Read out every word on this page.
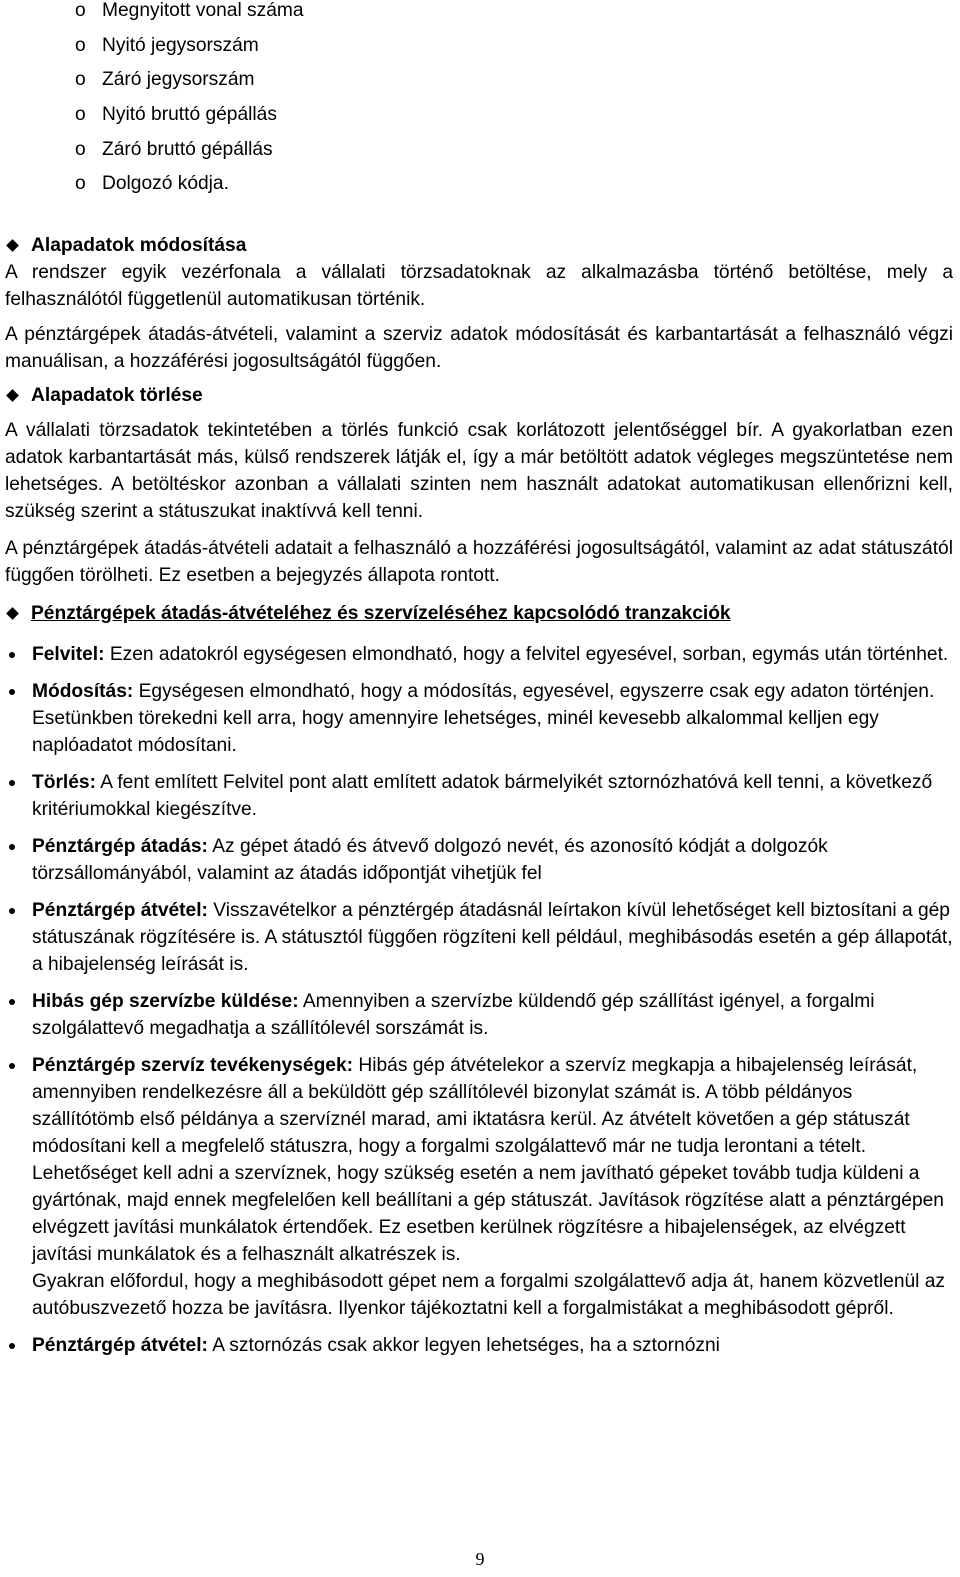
o Megnyitott vonal száma
o Nyitó jegysorszám
o Záró jegysorszám
o Nyitó bruttó gépállás
o Záró bruttó gépállás
o Dolgozó kódja.
Alapadatok módosítása

A rendszer egyik vezérfonala a vállalati törzsadatoknak az alkalmazásba történő betöltése, mely a felhasználótól függetlenül automatikusan történik.

A pénztárgépek átadás-átvételi, valamint a szerviz adatok módosítását és karbantartását a felhasználó végzi manuálisan, a hozzáférési jogosultságától függően.

Alapadatok törlése

A vállalati törzsadatok tekintetében a törlés funkció csak korlátozott jelentőséggel bír. A gyakorlatban ezen adatok karbantartását más, külső rendszerek látják el, így a már betöltött adatok végleges megszüntetése nem lehetséges. A betöltéskor azonban a vállalati szinten nem használt adatokat automatikusan ellenőrizni kell, szükség szerint a státuszukat inaktívvá kell tenni.

A pénztárgépek átadás-átvételi adatait a felhasználó a hozzáférési jogosultságától, valamint az adat státuszától függően törölheti. Ez esetben a bejegyzés állapota rontott.

Pénztárgépek átadás-átvételéhez és szervízeléséhez kapcsolódó tranzakciók
Felvitel: Ezen adatokról egységesen elmondható, hogy a felvitel egyesével, sorban, egymás után történhet.
Módosítás: Egységesen elmondható, hogy a módosítás, egyesével, egyszerre csak egy adaton történjen. Esetünkben törekedni kell arra, hogy amennyire lehetséges, minél kevesebb alkalommal kelljen egy naplóadatot módosítani.
Törlés: A fent említett Felvitel pont alatt említett adatok bármelyikét sztornózhatóvá kell tenni, a következő kritériumokkal kiegészítve.
Pénztárgép átadás: Az gépet átadó és átvevő dolgozó nevét, és azonosító kódját a dolgozók törzsállományából, valamint az átadás időpontját vihetjük fel
Pénztárgép átvétel: Visszavételkor a pénztérgép átadásnál leírtakon kívül lehetőséget kell biztosítani a gép státuszának rögzítésére is. A státusztól függően rögzíteni kell például, meghibásodás esetén a gép állapotát, a hibajelenség leírását is.
Hibás gép szervízbe küldése: Amennyiben a szervízbe küldendő gép szállítást igényel, a forgalmi szolgálattevő megadhatja a szállítólevél sorszámát is.
Pénztárgép szervíz tevékenységek: Hibás gép átvételekor a szervíz megkapja a hibajelenség leírását, amennyiben rendelkezésre áll a beküldött gép szállítólevél bizonylat számát is. A több példányos szállítótömb első példánya a szervíznél marad, ami iktatásra kerül. Az átvételt követően a gép státuszát módosítani kell a megfelelő státuszra, hogy a forgalmi szolgálattevő már ne tudja lerontani a tételt.
Lehetőséget kell adni a szervíznek, hogy szükség esetén a nem javítható gépeket tovább tudja küldeni a gyártónak, majd ennek megfelelően kell beállítani a gép státuszát. Javítások rögzítése alatt a pénztárgépen elvégzett javítási munkálatok értendőek. Ez esetben kerülnek rögzítésre a hibajelenségek, az elvégzett javítási munkálatok és a felhasznált alkatrészek is.
Gyakran előfordul, hogy a meghibásodott gépet nem a forgalmi szolgálattevő adja át, hanem közvetlenül az autóbuszvezető hozza be javításra. Ilyenkor tájékoztatni kell a forgalmistákat a meghibásodott gépről.
Pénztárgép átvétel: A sztornózás csak akkor legyen lehetséges, ha a sztornózni
9
